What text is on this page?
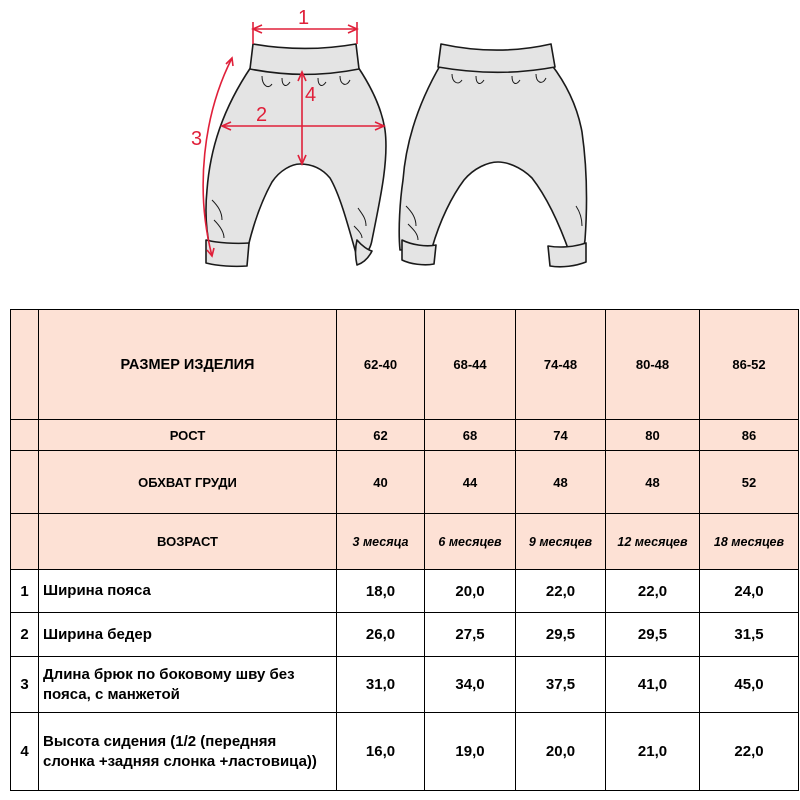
1
2
3
4
	РАЗМЕР ИЗДЕЛИЯ	62-40	68-44	74-48	80-48	86-52
	РОСТ	62	68	74	80	86
	ОБХВАТ ГРУДИ	40	44	48	48	52
	ВОЗРАСТ	3 месяца	6 месяцев	9 месяцев	12 месяцев	18 месяцев
1	Ширина пояса	18,0	20,0	22,0	22,0	24,0
2	Ширина бедер	26,0	27,5	29,5	29,5	31,5
3	Длина брюк по боковому шву без пояса, с манжетой	31,0	34,0	37,5	41,0	45,0
4	Высота сидения (1/2 (передняя слонка +задняя слонка +ластовица))	16,0	19,0	20,0	21,0	22,0
